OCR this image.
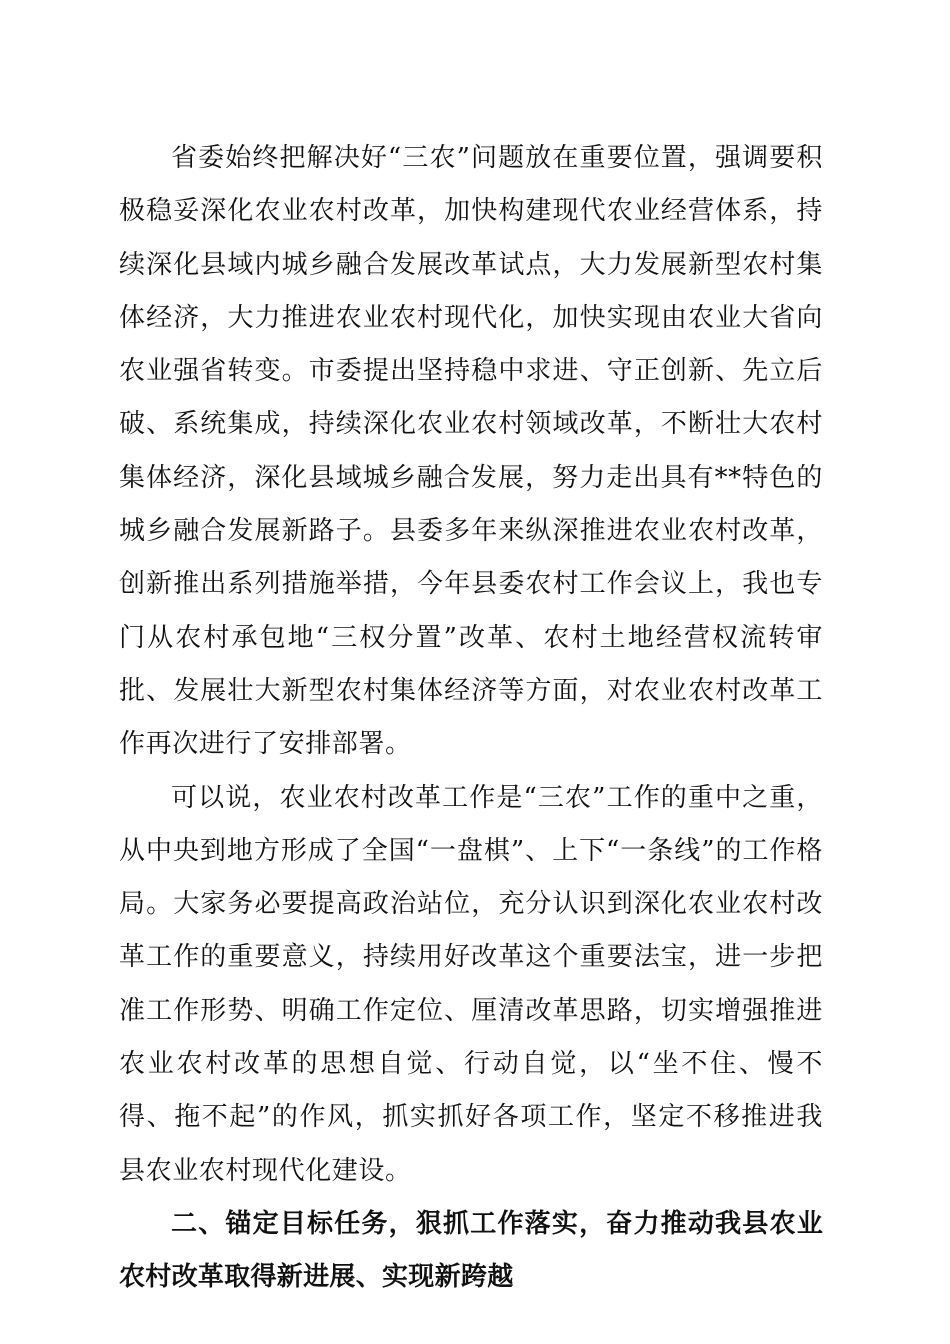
省委始终把解决好“三农”问题放在重要位置，强调要积极稳妥深化农业农村改革，加快构建现代农业经营体系，持续深化县域内城乡融合发展改革试点，大力发展新型农村集体经济，大力推进农业农村现代化，加快实现由农业大省向农业强省转变。市委提出坚持稳中求进、守正创新、先立后破、系统集成，持续深化农业农村领域改革，不断壮大农村集体经济，深化县域城乡融合发展，努力走出具有**特色的城乡融合发展新路子。县委多年来纵深推进农业农村改革，创新推出系列措施举措，今年县委农村工作会议上，我也专门从农村承包地“三权分置”改革、农村土地经营权流转审批、发展壮大新型农村集体经济等方面，对农业农村改革工作再次进行了安排部署。

可以说，农业农村改革工作是“三农”工作的重中之重，从中央到地方形成了全国“一盘棋”、上下“一条线”的工作格局。大家务必要提高政治站位，充分认识到深化农业农村改革工作的重要意义，持续用好改革这个重要法宝，进一步把准工作形势、明确工作定位、厘清改革思路，切实增强推进农业农村改革的思想自觉、行动自觉，以“坐不住、慢不得、拖不起”的作风，抓实抓好各项工作，坚定不移推进我县农业农村现代化建设。

二、锚定目标任务，狠抓工作落实，奋力推动我县农业农村改革取得新进展、实现新跨越
